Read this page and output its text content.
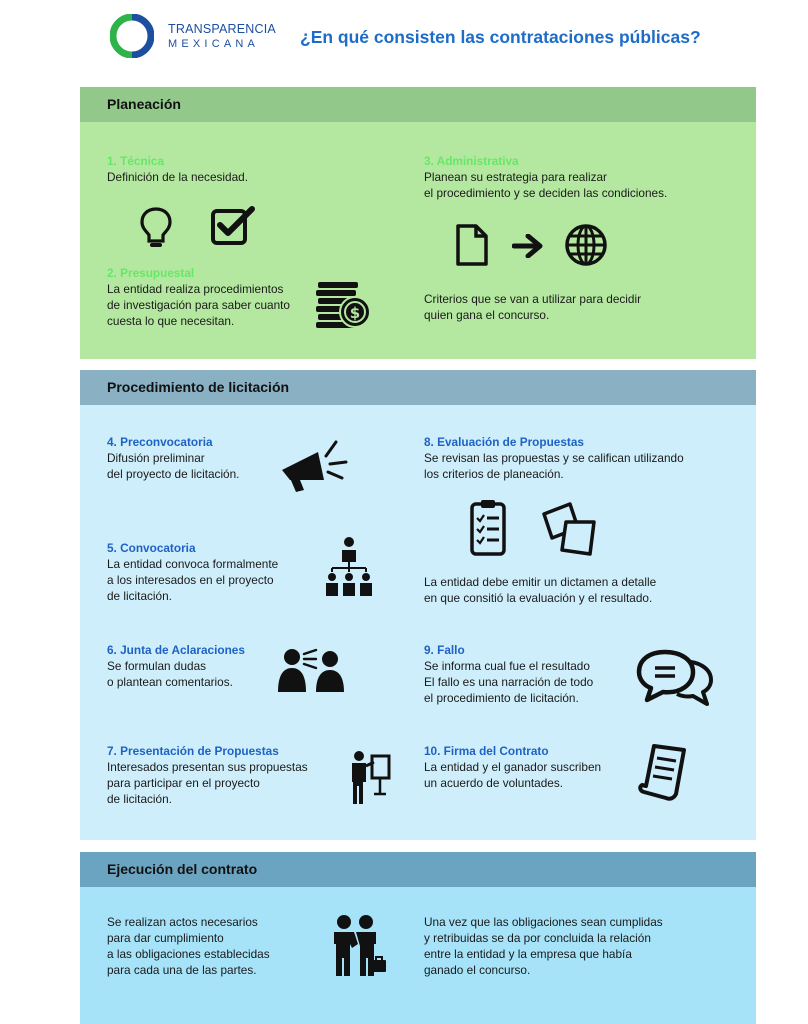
TRANSPARENCIA
MEXICANA ¿En qué consisten las contrataciones públicas?
Planeación
1. Técnica
Definición de la necesidad.
2. Presupuestal
La entidad realiza procedimientos
de investigación para saber cuanto
cuesta lo que necesitan.	$
3. Administrativa
Planean su estrategia para realizar
el procedimiento y se deciden las condiciones.
Criterios que se van a utilizar para decidir
quien gana el concurso.
Procedimiento de licitación
4. Preconvocatoria
Difusión preliminar
del proyecto de licitación.
5. Convocatoria
La entidad convoca formalmente
a los interesados en el proyecto
de licitación.
6. Junta de Aclaraciones
Se formulan dudas
o plantean comentarios.
7. Presentación de Propuestas
Interesados presentan sus propuestas
para participar en el proyecto
de licitación.
8. Evaluación de Propuestas
Se revisan las propuestas y se califican utilizando
los criterios de planeación.
La entidad debe emitir un dictamen a detalle
en que consitió la evaluación y el resultado.
9. Fallo
Se informa cual fue el resultado
El fallo es una narración de todo
el procedimiento de licitación.
10. Firma del Contrato
La entidad y el ganador suscriben
un acuerdo de voluntades.
Ejecución del contrato
Se realizan actos necesarios
para dar cumplimiento
a las obligaciones establecidas
para cada una de las partes.
Una vez que las obligaciones sean cumplidas
y retribuidas se da por concluida la relación
entre la entidad y la empresa que había
ganado el concurso.
